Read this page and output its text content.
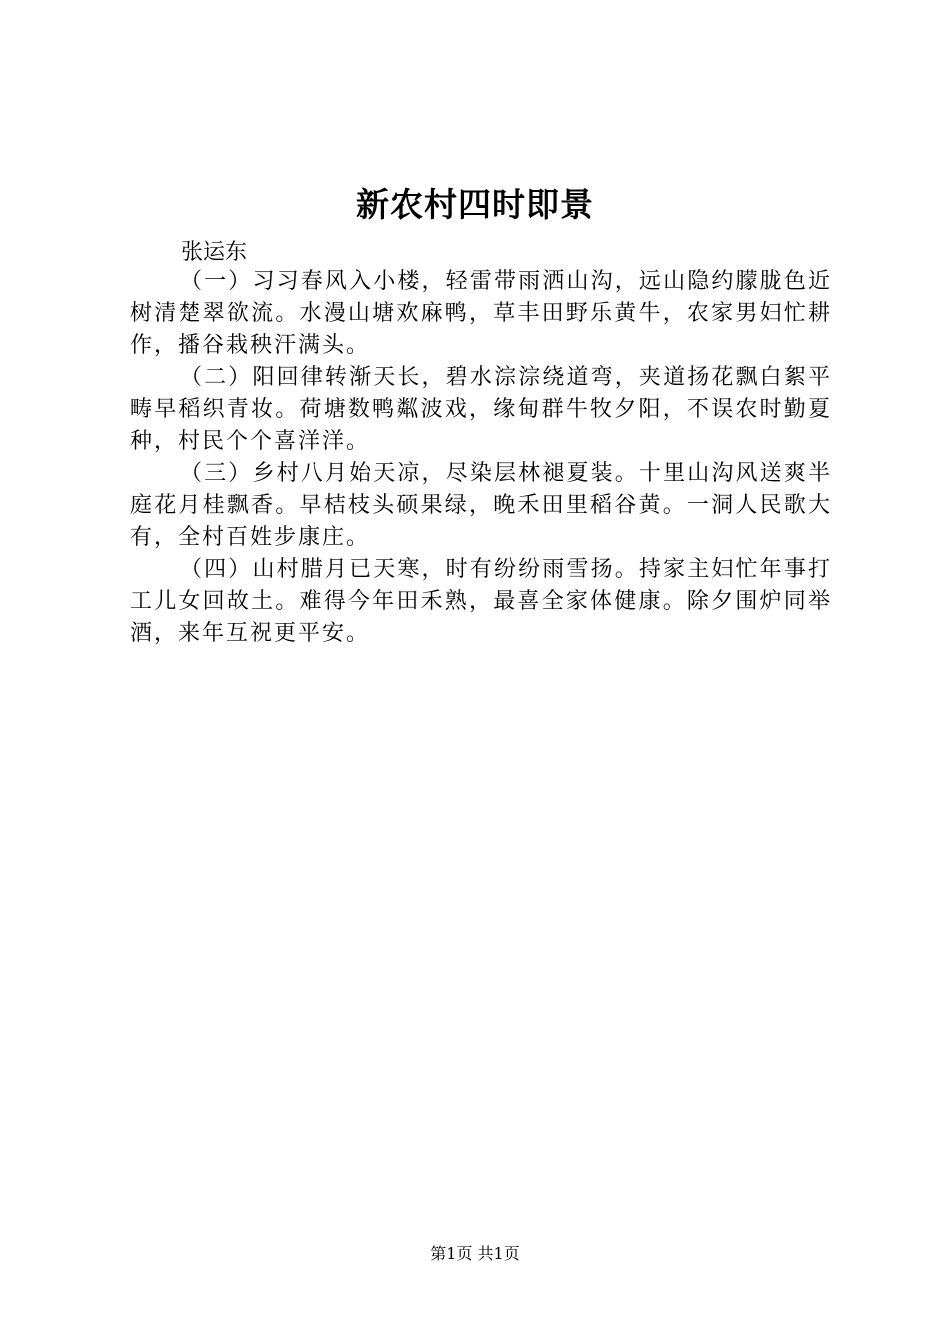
新农村四时即景
张运东

（一）习习春风入小楼，轻雷带雨洒山沟，远山隐约朦胧色近树清楚翠欲流。水漫山塘欢麻鸭，草丰田野乐黄牛，农家男妇忙耕作，播谷栽秧汗满头。

（二）阳回律转渐天长，碧水淙淙绕道弯，夹道扬花飘白絮平畴早稻织青妆。荷塘数鸭粼波戏，缘甸群牛牧夕阳，不误农时勤夏种，村民个个喜洋洋。

（三）乡村八月始天凉，尽染层林褪夏装。十里山沟风送爽半庭花月桂飘香。早桔枝头硕果绿，晚禾田里稻谷黄。一洞人民歌大有，全村百姓步康庄。

（四）山村腊月已天寒，时有纷纷雨雪扬。持家主妇忙年事打工儿女回故土。难得今年田禾熟，最喜全家体健康。除夕围炉同举酒，来年互祝更平安。

第1页 共1页
